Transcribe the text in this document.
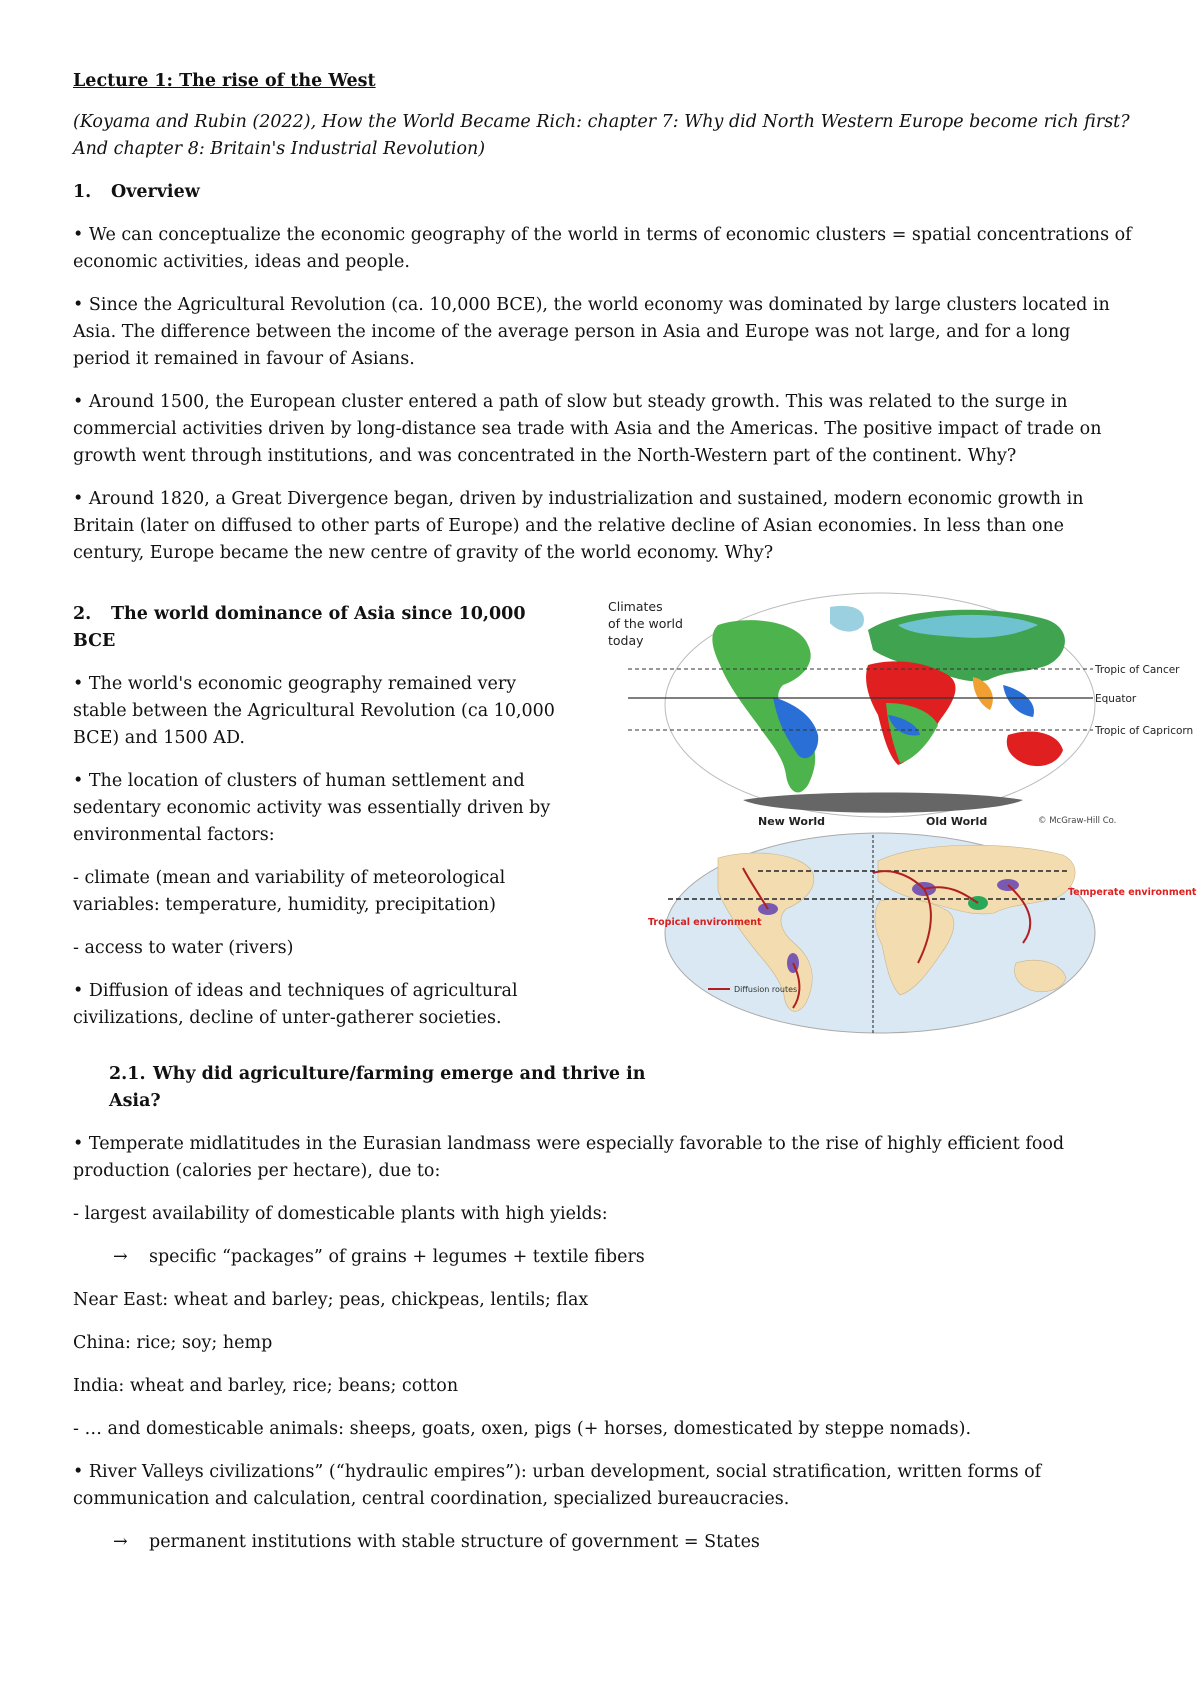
Lecture 1: The rise of the West

(Koyama and Rubin (2022), How the World Became Rich: chapter 7: Why did North Western Europe become rich first? And chapter 8: Britain's Industrial Revolution)

1. Overview

• We can conceptualize the economic geography of the world in terms of economic clusters = spatial concentrations of economic activities, ideas and people.

• Since the Agricultural Revolution (ca. 10,000 BCE), the world economy was dominated by large clusters located in Asia. The difference between the income of the average person in Asia and Europe was not large, and for a long period it remained in favour of Asians.

• Around 1500, the European cluster entered a path of slow but steady growth. This was related to the surge in commercial activities driven by long-distance sea trade with Asia and the Americas. The positive impact of trade on growth went through institutions, and was concentrated in the North-Western part of the continent. Why?

• Around 1820, a Great Divergence began, driven by industrialization and sustained, modern economic growth in Britain (later on diffused to other parts of Europe) and the relative decline of Asian economies. In less than one century, Europe became the new centre of gravity of the world economy. Why?

2. The world dominance of Asia since 10,000 BCE

• The world's economic geography remained very stable between the Agricultural Revolution (ca 10,000 BCE) and 1500 AD.

• The location of clusters of human settlement and sedentary economic activity was essentially driven by environmental factors:

- climate (mean and variability of meteorological variables: temperature, humidity, precipitation)

- access to water (rivers)

• Diffusion of ideas and techniques of agricultural civilizations, decline of unter-gatherer societies.

Climates
of the world
today
Tropic of Cancer
Equator
Tropic of Capricorn
New World	Old World	© McGraw-Hill Co.
Tropical environment
Temperate environment
Diffusion routes

2.1. Why did agriculture/farming emerge and thrive in Asia?

• Temperate midlatitudes in the Eurasian landmass were especially favorable to the rise of highly efficient food production (calories per hectare), due to:

- largest availability of domesticable plants with high yields:

→ specific “packages” of grains + legumes + textile fibers

Near East: wheat and barley; peas, chickpeas, lentils; flax

China: rice; soy; hemp

India: wheat and barley, rice; beans; cotton

- … and domesticable animals: sheeps, goats, oxen, pigs (+ horses, domesticated by steppe nomads).

• River Valleys civilizations” (“hydraulic empires”): urban development, social stratification, written forms of communication and calculation, central coordination, specialized bureaucracies.

→ permanent institutions with stable structure of government = States
